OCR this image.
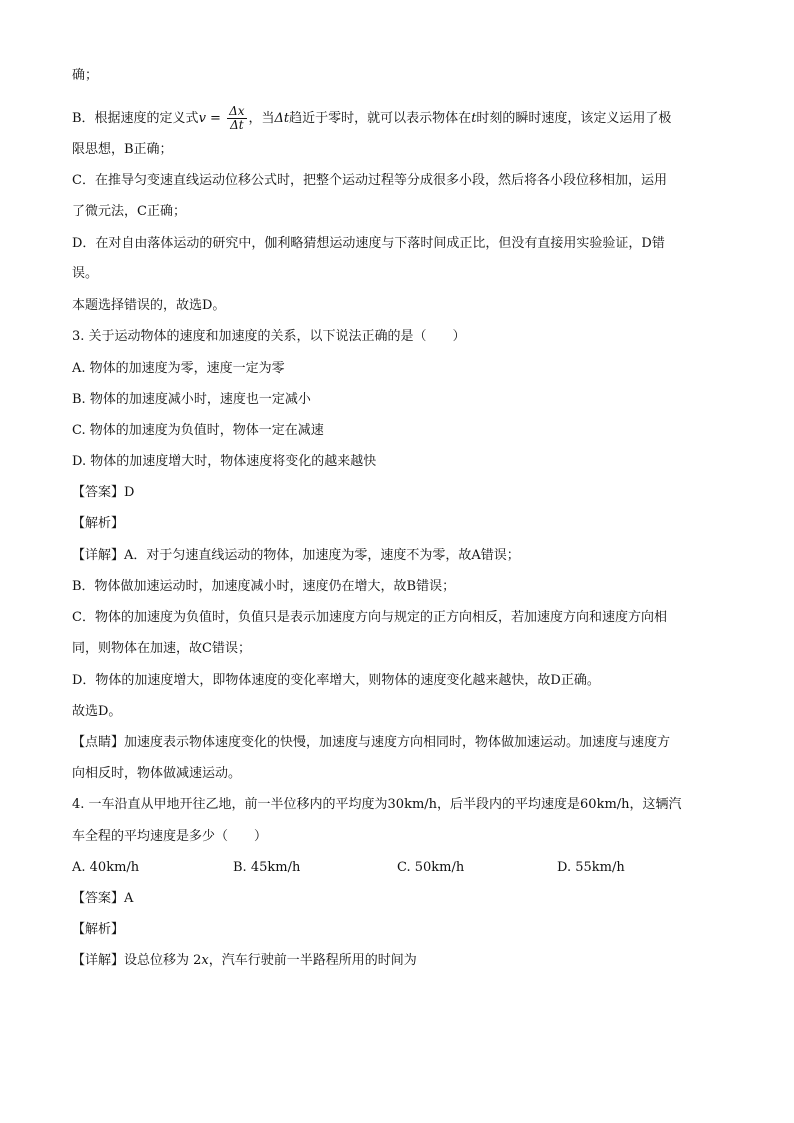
确；
B．根据速度的定义式$v = \frac{\Delta x}{\Delta t}$ ，当Δt趋近于零时，就可以表示物体在t时刻的瞬时速度，该定义运用了极
限思想，B正确；
C．在推导匀变速直线运动位移公式时，把整个运动过程等分成很多小段，然后将各小段位移相加，运用
了微元法，C正确；
D．在对自由落体运动的研究中，伽利略猜想运动速度与下落时间成正比，但没有直接用实验验证，D错
误。
本题选择错误的，故选D。
3. 关于运动物体的速度和加速度的关系，以下说法正确的是（　　）
A. 物体的加速度为零，速度一定为零
B. 物体的加速度减小时，速度也一定减小
C. 物体的加速度为负值时，物体一定在减速
D. 物体的加速度增大时，物体速度将变化的越来越快
【答案】D
【解析】
【详解】A．对于匀速直线运动的物体，加速度为零，速度不为零，故A错误；
B．物体做加速运动时，加速度减小时，速度仍在增大，故B错误；
C．物体的加速度为负值时，负值只是表示加速度方向与规定的正方向相反，若加速度方向和速度方向相
同，则物体在加速，故C错误；
D．物体的加速度增大，即物体速度的变化率增大，则物体的速度变化越来越快，故D正确。
故选D。
【点睛】加速度表示物体速度变化的快慢，加速度与速度方向相同时，物体做加速运动。加速度与速度方
向相反时，物体做减速运动。
4. 一车沿直从甲地开往乙地，前一半位移内的平均度为30km/h，后半段内的平均速度是60km/h，这辆汽
车全程的平均速度是多少（　　）
A. 40km/h	B. 45km/h	C. 50km/h	D. 55km/h
【答案】A
【解析】
【详解】设总位移为 2x，汽车行驶前一半路程所用的时间为
